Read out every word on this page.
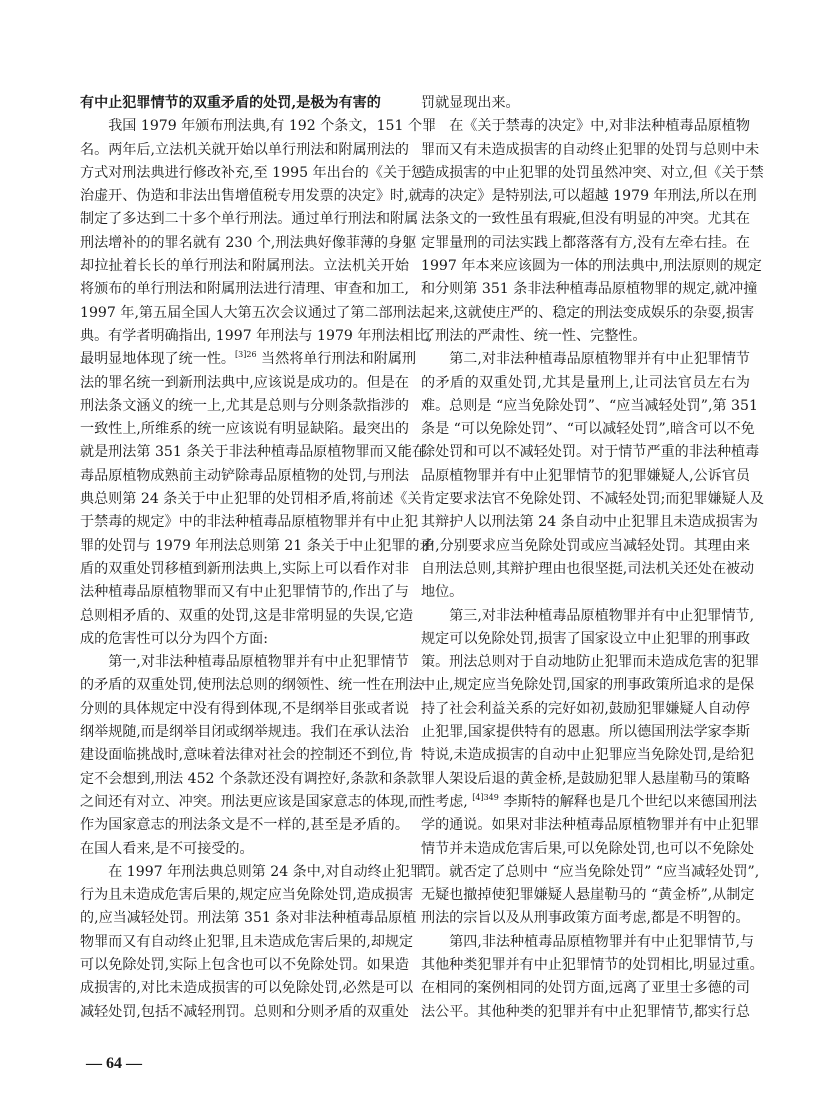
有中止犯罪情节的双重矛盾的处罚,是极为有害的
我国 1979 年颁布刑法典,有 192 个条文，151 个罪
名。两年后,立法机关就开始以单行刑法和附属刑法的
方式对刑法典进行修改补充,至 1995 年出台的《关于惩
治虚开、伪造和非法出售增值税专用发票的决定》时,就
制定了多达到二十多个单行刑法。通过单行刑法和附属
刑法增补的的罪名就有 230 个,刑法典好像菲薄的身躯
却拉扯着长长的单行刑法和附属刑法。立法机关开始
将颁布的单行刑法和附属刑法进行清理、审查和加工,
1997 年,第五届全国人大第五次会议通过了第二部刑法
典。有学者明确指出, 1997 年刑法与 1979 年刑法相比,
最明显地体现了统一性。$^{[3]26}$ 当然将单行刑法和附属刑
法的罪名统一到新刑法典中,应该说是成功的。但是在
刑法条文涵义的统一上,尤其是总则与分则条款指涉的
一致性上,所维系的统一应该说有明显缺陷。最突出的
就是刑法第 351 条关于非法种植毒品原植物罪而又能在
毒品原植物成熟前主动铲除毒品原植物的处罚,与刑法
典总则第 24 条关于中止犯罪的处罚相矛盾,将前述《关
于禁毒的规定》中的非法种植毒品原植物罪并有中止犯
罪的处罚与 1979 年刑法总则第 21 条关于中止犯罪的矛
盾的双重处罚移植到新刑法典上,实际上可以看作对非
法种植毒品原植物罪而又有中止犯罪情节的,作出了与
总则相矛盾的、双重的处罚,这是非常明显的失误,它造
成的危害性可以分为四个方面:
第一,对非法种植毒品原植物罪并有中止犯罪情节
的矛盾的双重处罚,使刑法总则的纲领性、统一性在刑法
分则的具体规定中没有得到体现,不是纲举目张或者说
纲举规随,而是纲举目闭或纲举规违。我们在承认法治
建设面临挑战时,意味着法律对社会的控制还不到位,肯
定不会想到,刑法 452 个条款还没有调控好,条款和条款
之间还有对立、冲突。刑法更应该是国家意志的体现,而
作为国家意志的刑法条文是不一样的,甚至是矛盾的。
在国人看来,是不可接受的。
在 1997 年刑法典总则第 24 条中,对自动终止犯罪
行为且未造成危害后果的,规定应当免除处罚,造成损害
的,应当减轻处罚。刑法第 351 条对非法种植毒品原植
物罪而又有自动终止犯罪,且未造成危害后果的,却规定
可以免除处罚,实际上包含也可以不免除处罚。如果造
成损害的,对比未造成损害的可以免除处罚,必然是可以
减轻处罚,包括不减轻刑罚。总则和分则矛盾的双重处
罚就显现出来。
在《关于禁毒的决定》中,对非法种植毒品原植物
罪而又有未造成损害的自动终止犯罪的处罚与总则中未
造成损害的中止犯罪的处罚虽然冲突、对立,但《关于禁
毒的决定》是特别法,可以超越 1979 年刑法,所以在刑
法条文的一致性虽有瑕疵,但没有明显的冲突。尤其在
定罪量刑的司法实践上都落落有方,没有左牵右挂。在
1997 年本来应该圆为一体的刑法典中,刑法原则的规定
和分则第 351 条非法种植毒品原植物罪的规定,就冲撞
起来,这就使庄严的、稳定的刑法变成娱乐的杂耍,损害
了刑法的严肃性、统一性、完整性。
第二,对非法种植毒品原植物罪并有中止犯罪情节
的矛盾的双重处罚,尤其是量刑上,让司法官员左右为
难。总则是 “应当免除处罚”、“应当减轻处罚”,第 351
条是 “可以免除处罚”、“可以减轻处罚”,暗含可以不免
除处罚和可以不减轻处罚。对于情节严重的非法种植毒
品原植物罪并有中止犯罪情节的犯罪嫌疑人,公诉官员
肯定要求法官不免除处罚、不减轻处罚;而犯罪嫌疑人及
其辩护人以刑法第 24 条自动中止犯罪且未造成损害为
由,分别要求应当免除处罚或应当减轻处罚。其理由来
自刑法总则,其辩护理由也很坚挺,司法机关还处在被动
地位。
第三,对非法种植毒品原植物罪并有中止犯罪情节,
规定可以免除处罚,损害了国家设立中止犯罪的刑事政
策。刑法总则对于自动地防止犯罪而未造成危害的犯罪
中止,规定应当免除处罚,国家的刑事政策所追求的是保
持了社会利益关系的完好如初,鼓励犯罪嫌疑人自动停
止犯罪,国家提供特有的恩惠。所以德国刑法学家李斯
特说,未造成损害的自动中止犯罪应当免除处罚,是给犯
罪人架设后退的黄金桥,是鼓励犯罪人悬崖勒马的策略
性考虑, $^{[4]349}$ 李斯特的解释也是几个世纪以来德国刑法
学的通说。如果对非法种植毒品原植物罪并有中止犯罪
情节并未造成危害后果,可以免除处罚,也可以不免除处
罚。就否定了总则中 “应当免除处罚” “应当减轻处罚”,
无疑也撤掉使犯罪嫌疑人悬崖勒马的 “黄金桥”,从制定
刑法的宗旨以及从刑事政策方面考虑,都是不明智的。
第四,非法种植毒品原植物罪并有中止犯罪情节,与
其他种类犯罪并有中止犯罪情节的处罚相比,明显过重。
在相同的案例相同的处罚方面,远离了亚里士多德的司
法公平。其他种类的犯罪并有中止犯罪情节,都实行总
— 64 —
